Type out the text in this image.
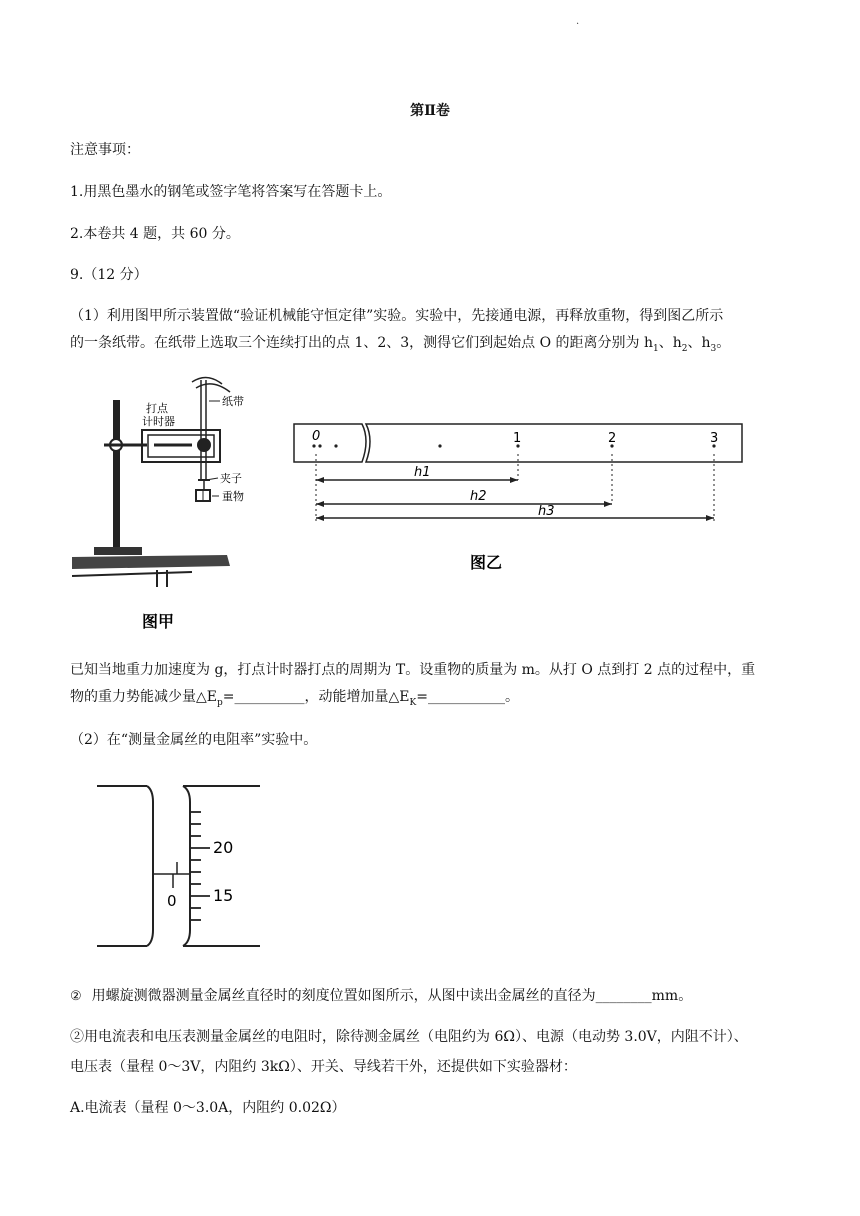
.
第Ⅱ卷
注意事项：
1.用黑色墨水的钢笔或签字笔将答案写在答题卡上。
2.本卷共 4 题，共 60 分。
9.（12 分）
（1）利用图甲所示装置做“验证机械能守恒定律”实验。实验中，先接通电源，再释放重物，得到图乙所示
的一条纸带。在纸带上选取三个连续打出的点 1、2、3，测得它们到起始点 O 的距离分别为 $h_1$、$h_2$、$h_3$。
打点
计时器
纸带
夹子
重物
图甲
0	1	2	3
h1
h2
h3
图乙
已知当地重力加速度为 g，打点计时器打点的周期为 T。设重物的质量为 m。从打 O 点到打 2 点的过程中，重
物的重力势能减少量$\triangle E_p=\_\_\_\_\_\_\_\_\_\_$，动能增加量$\triangle E_K=\_\_\_\_\_\_\_\_\_\_\_$。
（2）在“测量金属丝的电阻率”实验中。
0
20
15
② 用螺旋测微器测量金属丝直径时的刻度位置如图所示，从图中读出金属丝的直径为________mm。
②用电流表和电压表测量金属丝的电阻时，除待测金属丝（电阻约为 6Ω）、电源（电动势 3.0V，内阻不计）、
电压表（量程 0～3V，内阻约 3kΩ）、开关、导线若干外，还提供如下实验器材：
A.电流表（量程 0～3.0A，内阻约 0.02Ω）
